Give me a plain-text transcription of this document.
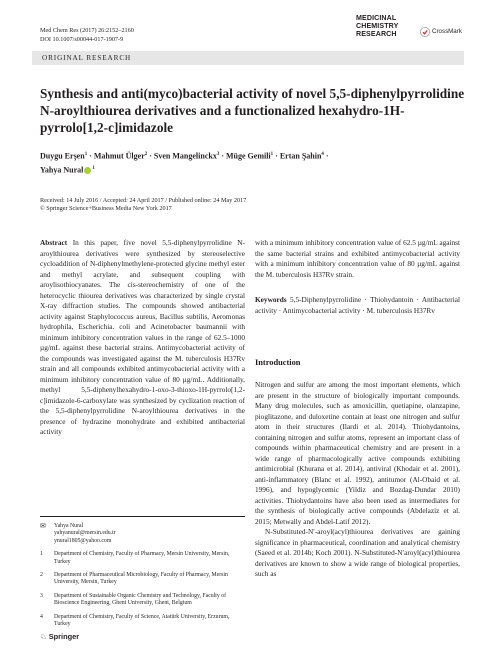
Med Chem Res (2017) 26:2152–2160
DOI 10.1007/s00044-017-1907-9
MEDICINAL
CHEMISTRY
RESEARCH	CrossMark
ORIGINAL RESEARCH
Synthesis and anti(myco)bacterial activity of novel 5,5-diphenylpyrrolidine N-aroylthiourea derivatives and a functionalized hexahydro-1H-pyrrolo[1,2-c]imidazole
Duygu Erşen$^1$ · Mahmut Ülger$^2$ · Sven Mangelinckx$^3$ · Müge Gemili$^1$ · Ertan Şahin$^4$ ·
Yahya Nural $^1$
Received: 14 July 2016 / Accepted: 24 April 2017 / Published online: 24 May 2017
© Springer Science+Business Media New York 2017
Abstract In this paper, five novel 5,5-diphenylpyrrolidine N-aroylthiourea derivatives were synthesized by stereoselective cycloaddition of N-diphenylmethylene-protected glycine methyl ester and methyl acrylate, and subsequent coupling with aroylisothiocyanates. The cis-stereochemistry of one of the heterocyclic thiourea derivatives was characterized by single crystal X-ray diffraction studies. The compounds showed antibacterial activity against Staphylococcus aureus, Bacillus subtilis, Aeromonas hydrophila, Escherichia. coli and Acinetobacter baumannii with minimum inhibitory concentration values in the range of 62.5–1000 µg/mL against these bacterial strains. Antimycobacterial activity of the compounds was investigated against the M. tuberculosis H37Rv strain and all compounds exhibited antimycobacterial activity with a minimum inhibitory concentration value of 80 µg/mL. Additionally, methyl 5,5-diphenylhexahydro-1-oxo-3-thioxo-1H-pyrrolo[1,2-c]imidazole-6-carboxylate was synthesized by cyclization reaction of the 5,5-diphenylpyrrolidine N-aroylthiourea derivatives in the presence of hydrazine monohydrate and exhibited antibacterial activity
with a minimum inhibitory concentration value of 62.5 µg/mL against the same bacterial strains and exhibited antimycobacterial activity with a minimum inhibitory concentration value of 80 µg/mL against the M. tuberculosis H37Rv strain.
Keywords 5,5-Diphenylpyrrolidine · Thiohydantoin · Antibacterial activity · Antimycobacterial activity · M. tuberculosis H37Rv
Introduction

Nitrogen and sulfur are among the most important elements, which are present in the structure of biologically important compounds. Many drug molecules, such as amoxicillin, quetiapine, olanzapine, pioglitazone, and duloxetine contain at least one nitrogen and sulfur atom in their structures (Ilardi et al. 2014). Thiohydantoins, containing nitrogen and sulfur atoms, represent an important class of compounds within pharmaceutical chemistry and are present in a wide range of pharmacologically active compounds exhibiting antimicrobial (Khurana et al. 2014), antiviral (Khodair et al. 2001), anti-inflammatory (Blanc et al. 1992), antitumor (Al-Obaid et al. 1996), and hypoglycemic (Yildiz and Bozdag-Dundar 2010) activities. Thiohydantoins have also been used as intermediates for the synthesis of biologically active compounds (Abdelaziz et al. 2015; Metwally and Abdel-Latif 2012).

N-Substituted-N′-aroyl(acyl)thiourea derivatives are gaining significance in pharmaceutical, coordination and analytical chemistry (Saeed et al. 2014b; Koch 2001). N-Substituted-N′aroyl(acyl)thiourea derivatives are known to show a wide range of biological properties, such as

✉	Yahya Nural
yahyanural@mersin.edu.tr
ynural1805@yahoo.com
1	Department of Chemistry, Faculty of Pharmacy, Mersin University, Mersin, Turkey
2	Department of Pharmaceutical Microbiology, Faculty of Pharmacy, Mersin University, Mersin, Turkey
3	Department of Sustainable Organic Chemistry and Technology, Faculty of Bioscience Engineering, Ghent University, Ghent, Belgium
4	Department of Chemistry, Faculty of Science, Atatürk University, Erzurum, Turkey
♘ Springer
